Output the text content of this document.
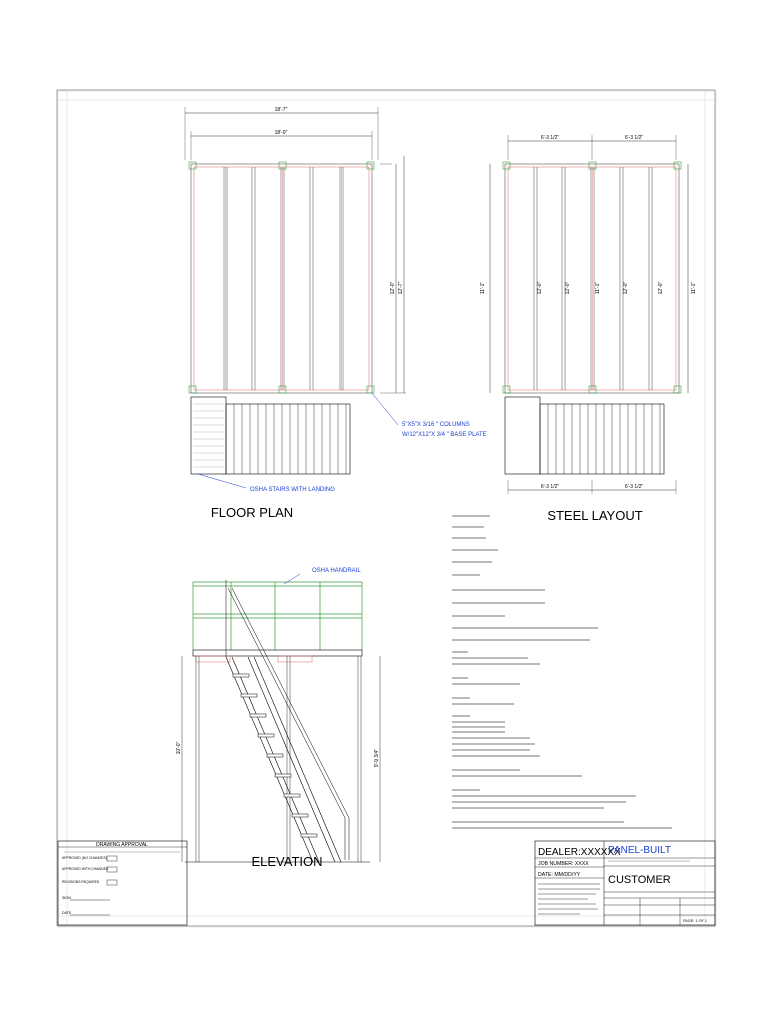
18'-7"
18'-0"
12'-0" 12'-7"
5"X5"X 3/16 " COLUMNS
W/12"X12"X 3/4 " BASE PLATE
OSHA STAIRS WITH LANDING
FLOOR PLAN
6'-3 1/2"	6'-3 1/2"
11'-1"	12'-0"	12'-0"	11'-1"	12'-0"	12'-0"	11'-1"
6'-3 1/2"	6'-3 1/2"
STEEL LAYOUT
OSHA HANDRAIL
10'-0"
9'-9 3/4"
ELEVATION
DRAWING APPROVAL
APPROVED (NO CHANGES)
APPROVED WITH CHANGES
REVISIONS REQUIRED
SIGN
DATE
DEALER:XXXXXX
JOB NUMBER: XXXX
DATE: MM/DD/YY
PANEL-BUILT
CUSTOMER
PAGE: 1 OF 1
